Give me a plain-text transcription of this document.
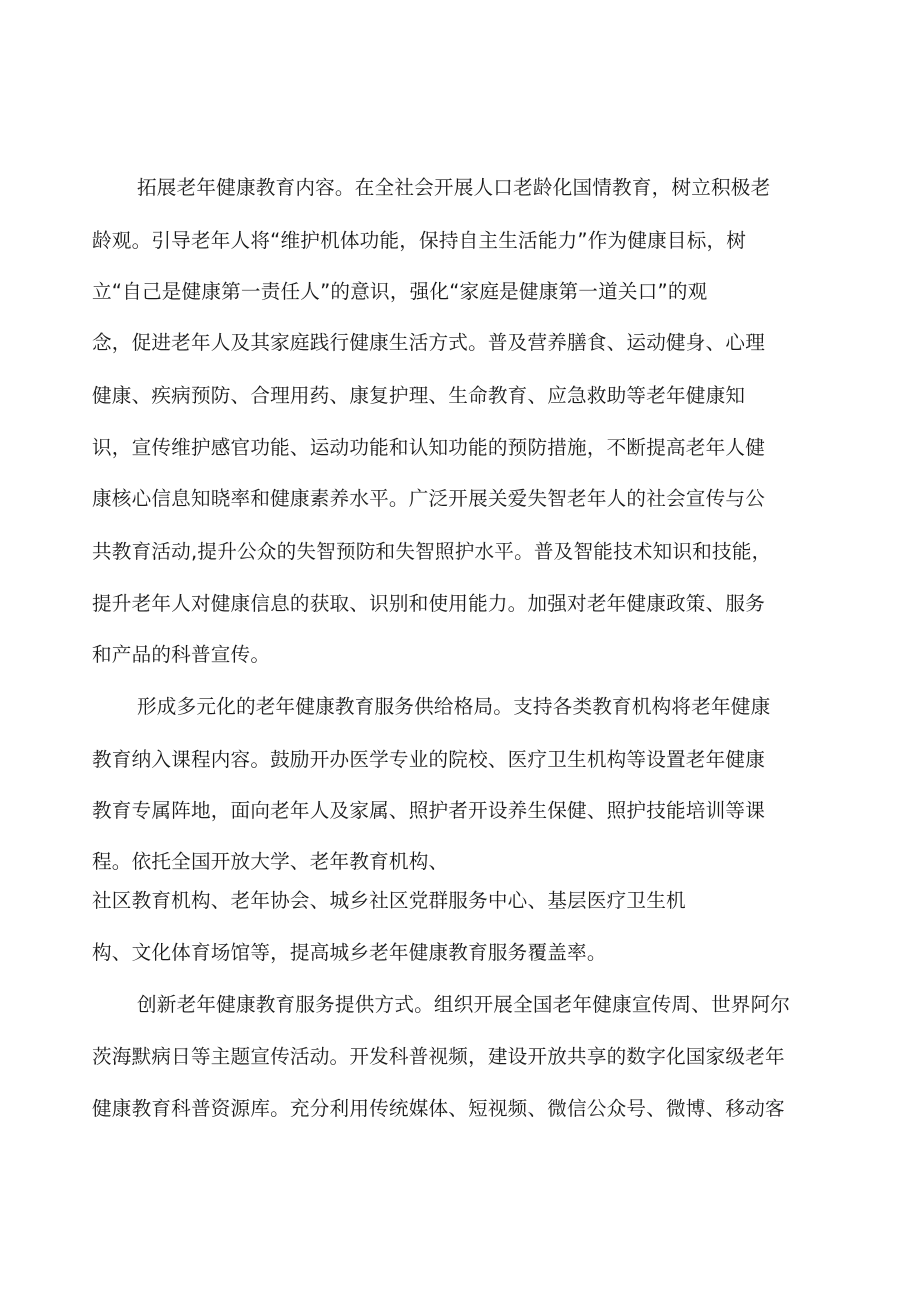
拓展老年健康教育内容。在全社会开展人口老龄化国情教育，树立积极老

龄观。引导老年人将“维护机体功能，保持自主生活能力”作为健康目标，树

立“自己是健康第一责任人”的意识，强化“家庭是健康第一道关口”的观

念，促进老年人及其家庭践行健康生活方式。普及营养膳食、运动健身、心理

健康、疾病预防、合理用药、康复护理、生命教育、应急救助等老年健康知

识，宣传维护感官功能、运动功能和认知功能的预防措施，不断提高老年人健

康核心信息知晓率和健康素养水平。广泛开展关爱失智老年人的社会宣传与公

共教育活动,提升公众的失智预防和失智照护水平。普及智能技术知识和技能，

提升老年人对健康信息的获取、识别和使用能力。加强对老年健康政策、服务

和产品的科普宣传。

形成多元化的老年健康教育服务供给格局。支持各类教育机构将老年健康

教育纳入课程内容。鼓励开办医学专业的院校、医疗卫生机构等设置老年健康

教育专属阵地，面向老年人及家属、照护者开设养生保健、照护技能培训等课

程。依托全国开放大学、老年教育机构、

社区教育机构、老年协会、城乡社区党群服务中心、基层医疗卫生机

构、文化体育场馆等，提高城乡老年健康教育服务覆盖率。

创新老年健康教育服务提供方式。组织开展全国老年健康宣传周、世界阿尔

茨海默病日等主题宣传活动。开发科普视频，建设开放共享的数字化国家级老年

健康教育科普资源库。充分利用传统媒体、短视频、微信公众号、微博、移动客
